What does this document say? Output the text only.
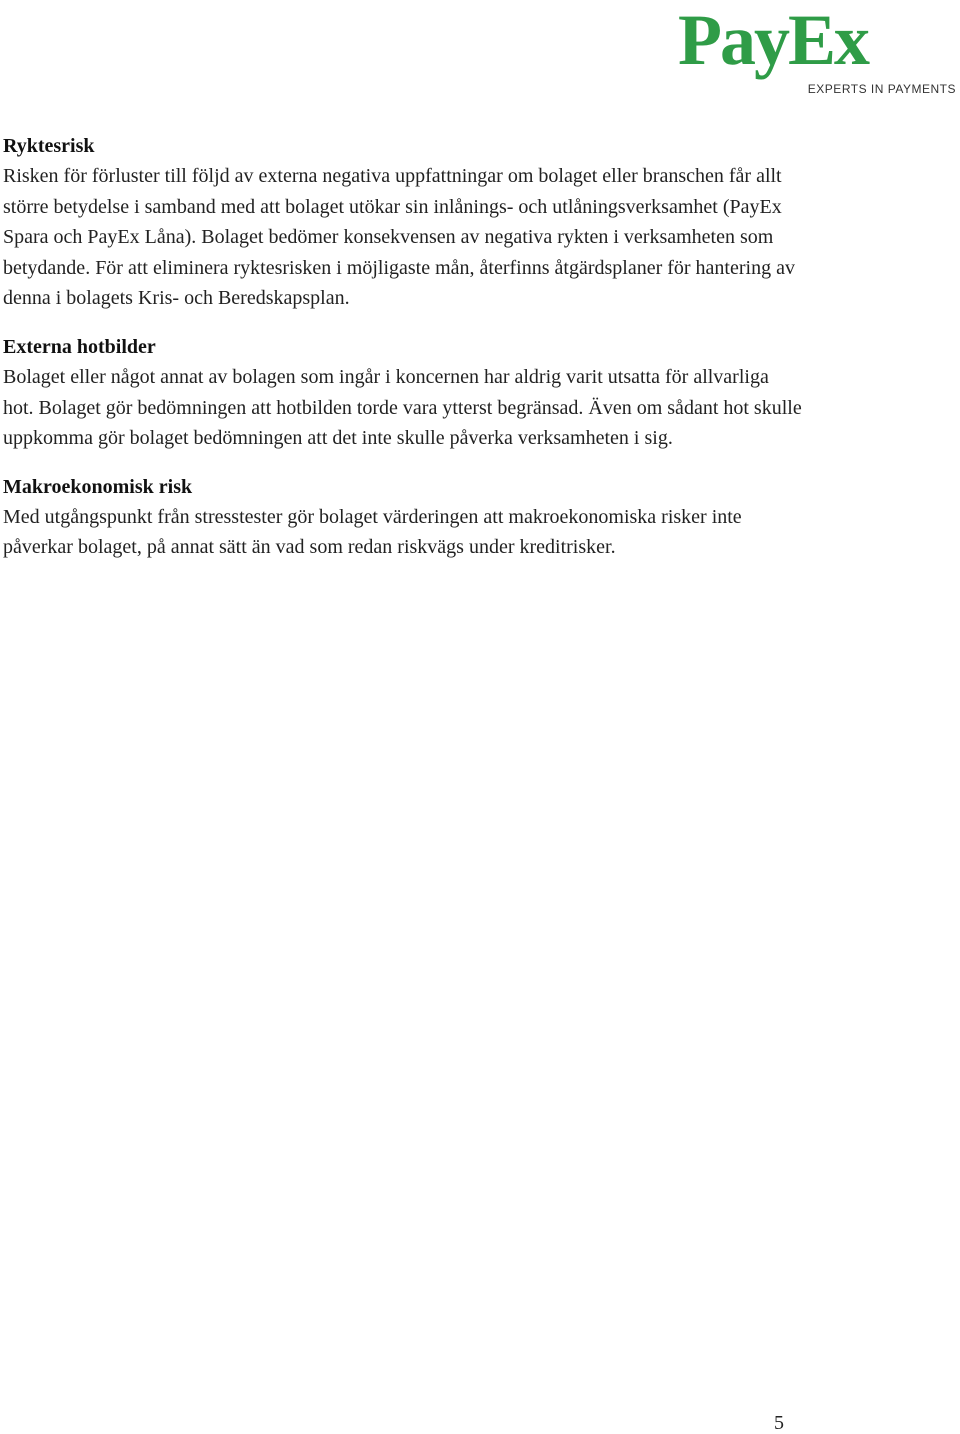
PayEx
EXPERTS IN PAYMENTS
Ryktesrisk

Risken för förluster till följd av externa negativa uppfattningar om bolaget eller branschen får allt större betydelse i samband med att bolaget utökar sin inlånings- och utlåningsverksamhet (PayEx Spara och PayEx Låna). Bolaget bedömer konsekvensen av negativa rykten i verksamheten som betydande. För att eliminera ryktesrisken i möjligaste mån, återfinns åtgärdsplaner för hantering av denna i bolagets Kris- och Beredskapsplan.

Externa hotbilder

Bolaget eller något annat av bolagen som ingår i koncernen har aldrig varit utsatta för allvarliga hot. Bolaget gör bedömningen att hotbilden torde vara ytterst begränsad. Även om sådant hot skulle uppkomma gör bolaget bedömningen att det inte skulle påverka verksamheten i sig.

Makroekonomisk risk

Med utgångspunkt från stresstester gör bolaget värderingen att makroekonomiska risker inte påverkar bolaget, på annat sätt än vad som redan riskvägs under kreditrisker.

5
